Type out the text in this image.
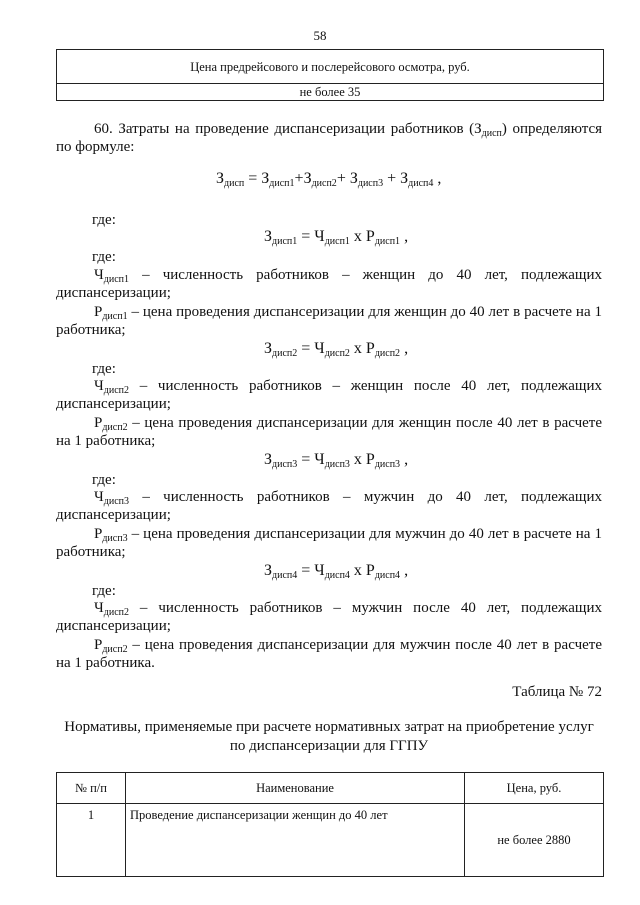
58
Цена предрейсового и послерейсового осмотра, руб.
не более 35
60. Затраты на проведение диспансеризации работников $(З_{дисп})$ определяются по формуле:
$З_{дисп} = З_{дисп1}+З_{дисп2}+ З_{дисп3} + З_{дисп4}$ ,
где:
$З_{дисп1} = Ч_{дисп1}$ х $Р_{дисп1}$ ,
где:
$Ч_{дисп1}$ – численность работников – женщин до 40 лет, подлежащих диспансеризации;
$Р_{дисп1}$ – цена проведения диспансеризации для женщин до 40 лет в расчете на 1 работника;
$З_{дисп2} = Ч_{дисп2}$ х $Р_{дисп2}$ ,
где:
$Ч_{дисп2}$ – численность работников – женщин после 40 лет, подлежащих диспансеризации;
$Р_{дисп2}$ – цена проведения диспансеризации для женщин после 40 лет в расчете на 1 работника;
$З_{дисп3} = Ч_{дисп3}$ х $Р_{дисп3}$ ,
где:
$Ч_{дисп3}$ – численность работников – мужчин до 40 лет, подлежащих диспансеризации;
$Р_{дисп3}$ – цена проведения диспансеризации для мужчин до 40 лет в расчете на 1 работника;
$З_{дисп4} = Ч_{дисп4}$ х $Р_{дисп4}$ ,
где:
$Ч_{дисп2}$ – численность работников – мужчин после 40 лет, подлежащих диспансеризации;
$Р_{дисп2}$ – цена проведения диспансеризации для мужчин после 40 лет в расчете на 1 работника.
Таблица № 72
Нормативы, применяемые при расчете нормативных затрат на приобретение услуг по диспансеризации для ГГПУ
№ п/п	Наименование	Цена, руб.
1	Проведение диспансеризации женщин до 40 лет	не более 2880
